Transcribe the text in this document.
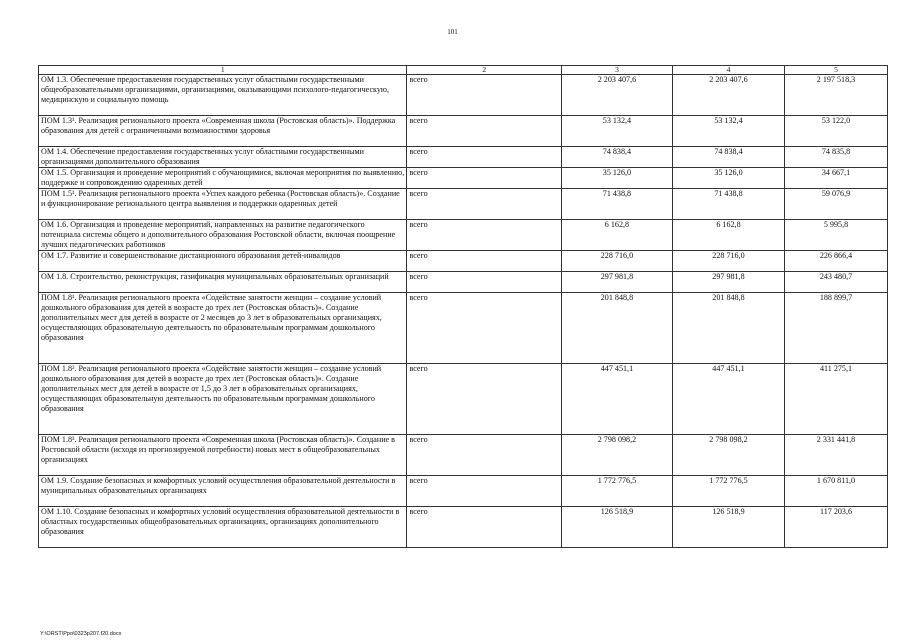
101
1	2	3	4	5
ОМ 1.3. Обеспечение предоставления государственных услуг областными государственными общеобразовательными организациями, организациями, оказывающими психолого-педагогическую, медицинскую и социальную помощь	всего	2 203 407,6	2 203 407,6	2 197 518,3
ПОМ 1.3¹. Реализация регионального проекта «Современная школа (Ростовская область)». Поддержка образования для детей с ограниченными возможностями здоровья	всего	53 132,4	53 132,4	53 122,0
ОМ 1.4. Обеспечение предоставления государственных услуг областными государственными организациями дополнительного образования	всего	74 838,4	74 838,4	74 835,8
ОМ 1.5. Организация и проведение мероприятий с обучающимися, включая мероприятия по выявлению, поддержке и сопровождению одаренных детей	всего	35 126,0	35 126,0	34 667,1
ПОМ 1.5¹. Реализация регионального проекта «Успех каждого ребенка (Ростовская область)». Создание и функционирование регионального центра выявления и поддержки одаренных детей	всего	71 438,8	71 438,8	59 076,9
ОМ 1.6. Организация и проведение мероприятий, направленных на развитие педагогического потенциала системы общего и дополнительного образования Ростовской области, включая поощрение лучших педагогических работников	всего	6 162,8	6 162,8	5 995,8
ОМ 1.7. Развитие и совершенствование дистанционного образования детей-инвалидов	всего	228 716,0	228 716,0	226 866,4
ОМ 1.8. Строительство, реконструкция, газификация муниципальных образовательных организаций	всего	297 981,8	297 981,8	243 480,7
ПОМ 1.8¹. Реализация регионального проекта «Содействие занятости женщин – создание условий дошкольного образования для детей в возрасте до трех лет (Ростовская область)». Создание дополнительных мест для детей в возрасте от 2 месяцев до 3 лет в образовательных организациях, осуществляющих образовательную деятельность по образовательным программам дошкольного образования	всего	201 848,8	201 848,8	188 899,7
ПОМ 1.8². Реализация регионального проекта «Содействие занятости женщин – создание условий дошкольного образования для детей в возрасте до трех лет (Ростовская область)». Создание дополнительных мест для детей в возрасте от 1,5 до 3 лет в образовательных организациях, осуществляющих образовательную деятельность по образовательным программам дошкольного образования	всего	447 451,1	447 451,1	411 275,1
ПОМ 1.8³. Реализация регионального проекта «Современная школа (Ростовская область)». Создание в Ростовской области (исходя из прогнозируемой потребности) новых мест в общеобразовательных организациях	всего	2 798 098,2	2 798 098,2	2 331 441,8
ОМ 1.9. Создание безопасных и комфортных условий осуществления образовательной деятельности в муниципальных образовательных организациях	всего	1 772 776,5	1 772 776,5	1 670 811,0
ОМ 1.10. Создание безопасных и комфортных условий осуществления образовательной деятельности в областных государственных общеобразовательных организациях, организациях дополнительного образования	всего	126 518,9	126 518,9	117 203,6
Y:\ORST\Ppo\0323p207.f20.docx
